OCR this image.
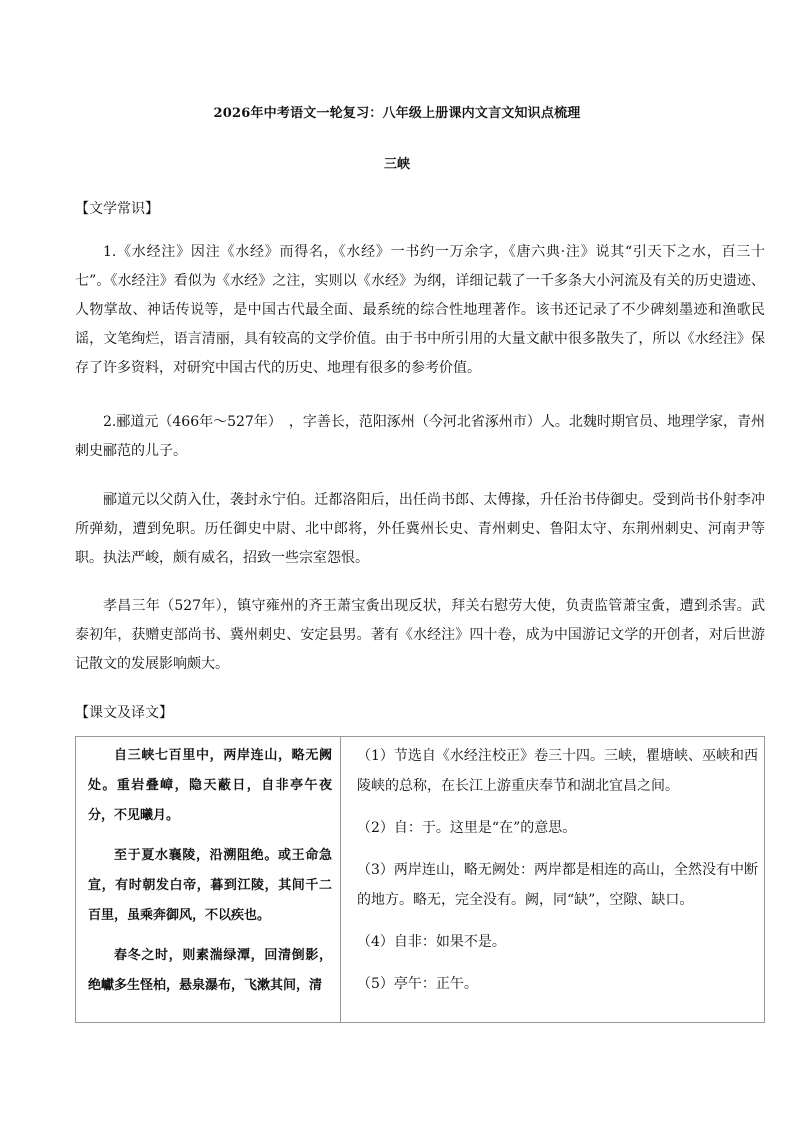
2026年中考语文一轮复习：八年级上册课内文言文知识点梳理
三峡
【文学常识】
1.《水经注》因注《水经》而得名，《水经》一书约一万余字，《唐六典·注》说其“引天下之水，百三十七”。《水经注》看似为《水经》之注，实则以《水经》为纲，详细记载了一千多条大小河流及有关的历史遗迹、人物掌故、神话传说等，是中国古代最全面、最系统的综合性地理著作。该书还记录了不少碑刻墨迹和渔歌民谣，文笔绚烂，语言清丽，具有较高的文学价值。由于书中所引用的大量文献中很多散失了，所以《水经注》保存了许多资料，对研究中国古代的历史、地理有很多的参考价值。
2.郦道元（466年～527年）　，字善长，范阳涿州（今河北省涿州市）人。北魏时期官员、地理学家，青州刺史郦范的儿子。
郦道元以父荫入仕，袭封永宁伯。迁都洛阳后，出任尚书郎、太傅掾，升任治书侍御史。受到尚书仆射李冲所弹劾，遭到免职。历任御史中尉、北中郎将，外任冀州长史、青州刺史、鲁阳太守、东荆州刺史、河南尹等职。执法严峻，颇有威名，招致一些宗室怨恨。
孝昌三年（527年），镇守雍州的齐王萧宝夤出现反状，拜关右慰劳大使，负责监管萧宝夤，遭到杀害。武泰初年，获赠吏部尚书、冀州刺史、安定县男。著有《水经注》四十卷，成为中国游记文学的开创者，对后世游记散文的发展影响颇大。
【课文及译文】

自三峡七百里中，两岸连山，略无阙处。重岩叠嶂，隐天蔽日，自非亭午夜分，不见曦月。

至于夏水襄陵，沿溯阻绝。或王命急宣，有时朝发白帝，暮到江陵，其间千二百里，虽乘奔御风，不以疾也。

春冬之时，则素湍绿潭，回清倒影，绝巘多生怪柏，悬泉瀑布，飞漱其间，清

（1）节选自《水经注校正》卷三十四。三峡，瞿塘峡、巫峡和西陵峡的总称，在长江上游重庆奉节和湖北宜昌之间。

（2）自：于。这里是“在”的意思。

（3）两岸连山，略无阙处：两岸都是相连的高山，全然没有中断的地方。略无，完全没有。阙，同“缺”，空隙、缺口。

（4）自非：如果不是。

（5）亭午：正午。
